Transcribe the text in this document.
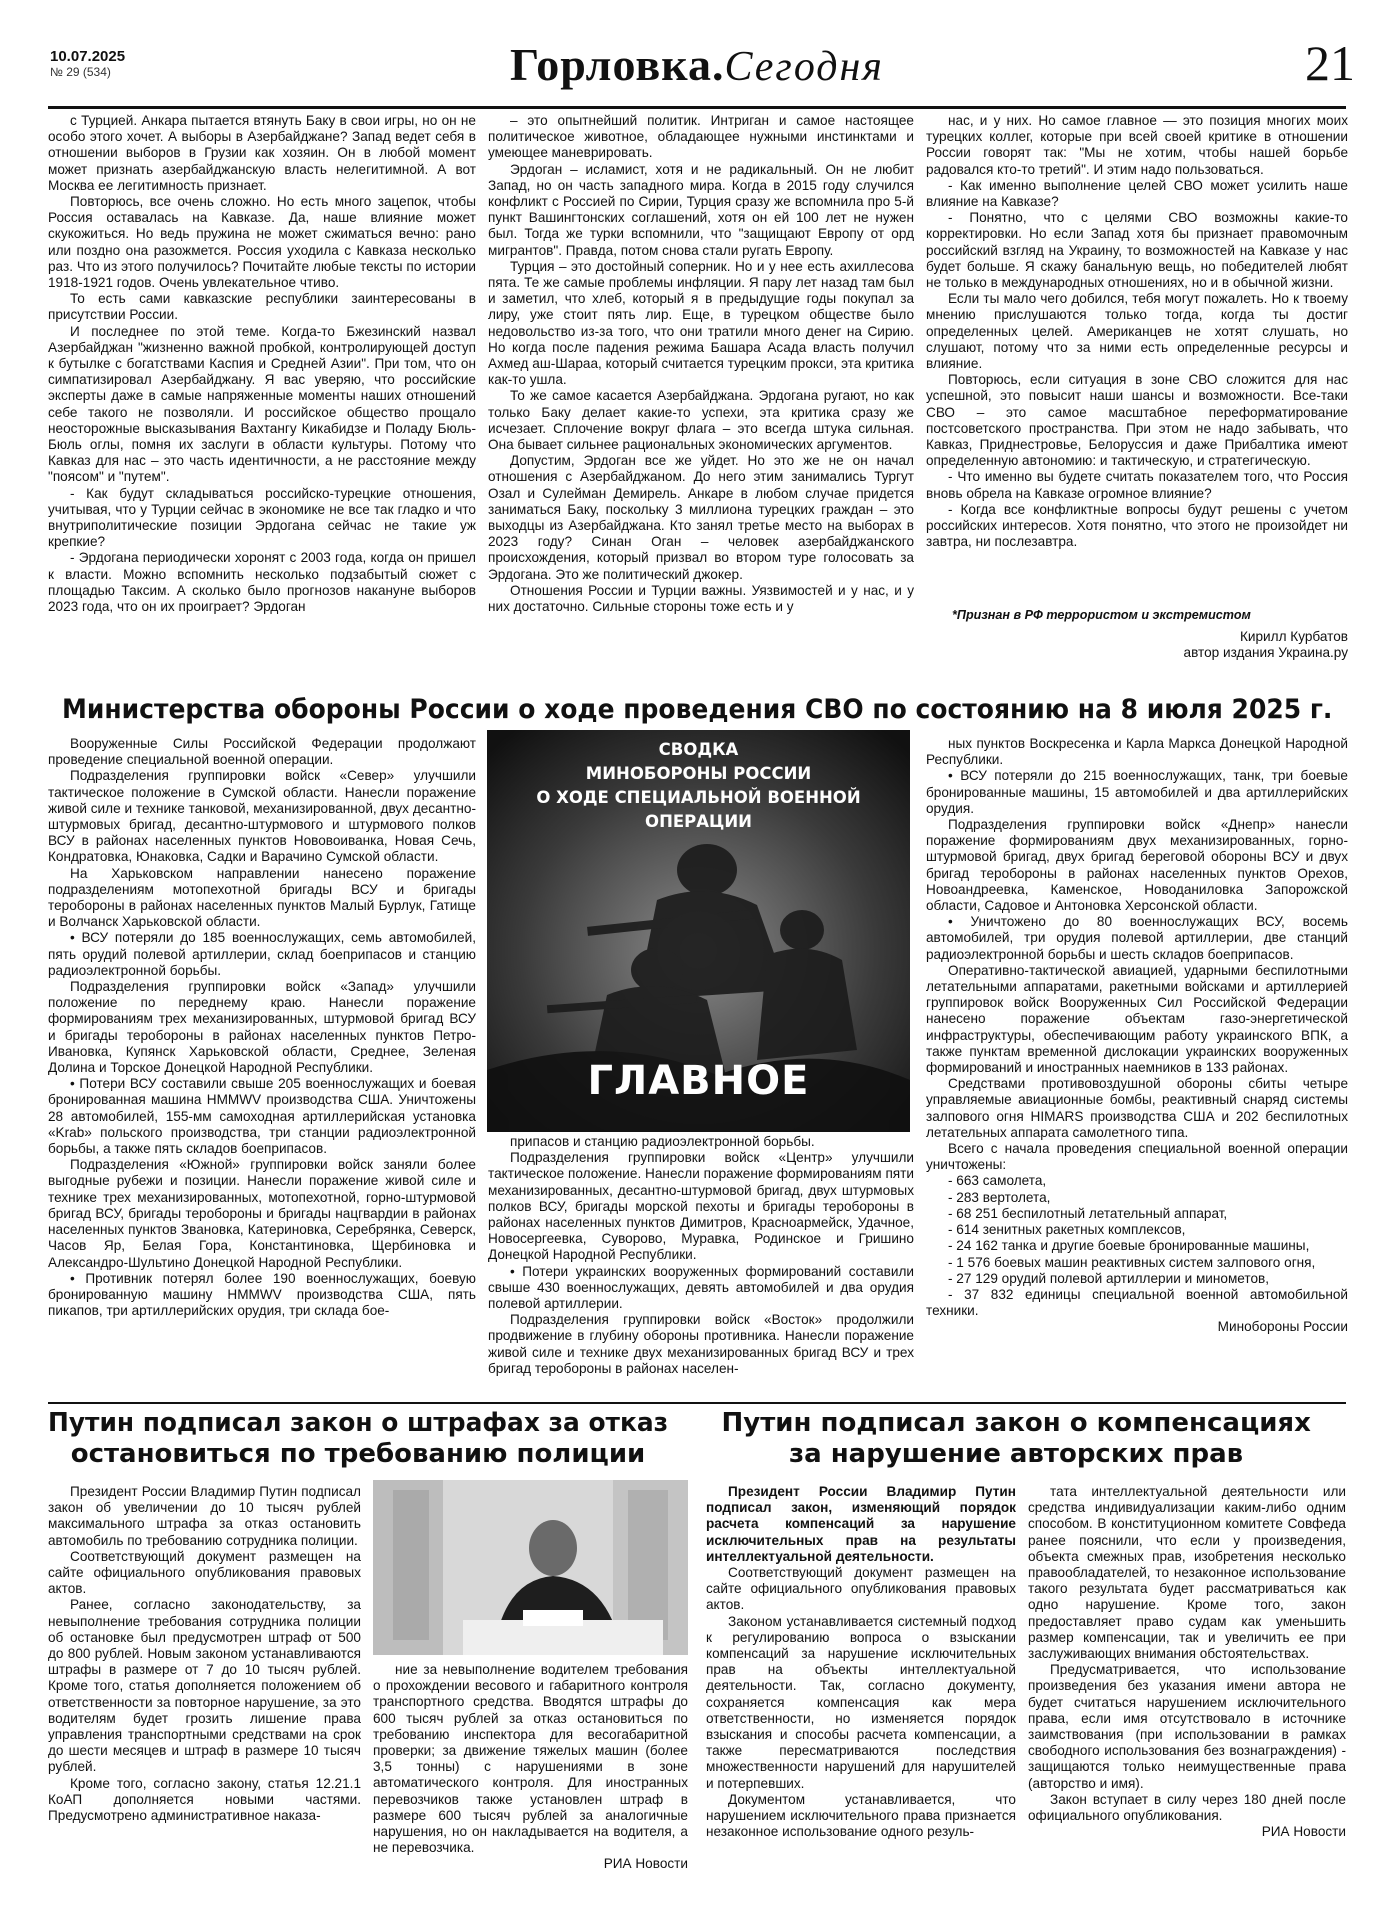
10.07.2025
№ 29 (534)	Горловка.Сегодня	21

с Турцией. Анкара пытается втянуть Баку в свои игры, но он не особо этого хочет. А выборы в Азербайджане? Запад ведет себя в отношении выборов в Грузии как хозяин. Он в любой момент может признать азербайджанскую власть нелегитимной. А вот Москва ее легитимность признает.

Повторюсь, все очень сложно. Но есть много зацепок, чтобы Россия оставалась на Кавказе. Да, наше влияние может скукожиться. Но ведь пружина не может сжиматься вечно: рано или поздно она разожмется. Россия уходила с Кавказа несколько раз. Что из этого получилось? Почитайте любые тексты по истории 1918-1921 годов. Очень увлекательное чтиво.

То есть сами кавказские республики заинтересованы в присутствии России.

И последнее по этой теме. Когда-то Бжезинский назвал Азербайджан "жизненно важной пробкой, контролирующей доступ к бутылке с богатствами Каспия и Средней Азии". При том, что он симпатизировал Азербайджану. Я вас уверяю, что российские эксперты даже в самые напряженные моменты наших отношений себе такого не позволяли. И российское общество прощало неосторожные высказывания Вахтангу Кикабидзе и Поладу Бюль-Бюль оглы, помня их заслуги в области культуры. Потому что Кавказ для нас – это часть идентичности, а не расстояние между "поясом" и "путем".

- Как будут складываться российско-турецкие отношения, учитывая, что у Турции сейчас в экономике не все так гладко и что внутриполитические позиции Эрдогана сейчас не такие уж крепкие?

- Эрдогана периодически хоронят с 2003 года, когда он пришел к власти. Можно вспомнить несколько подзабытый сюжет с площадью Таксим. А сколько было прогнозов накануне выборов 2023 года, что он их проиграет? Эрдоган

– это опытнейший политик. Интриган и самое настоящее политическое животное, обладающее нужными инстинктами и умеющее маневрировать.

Эрдоган – исламист, хотя и не радикальный. Он не любит Запад, но он часть западного мира. Когда в 2015 году случился конфликт с Россией по Сирии, Турция сразу же вспомнила про 5-й пункт Вашингтонских соглашений, хотя он ей 100 лет не нужен был. Тогда же турки вспомнили, что "защищают Европу от орд мигрантов". Правда, потом снова стали ругать Европу.

Турция – это достойный соперник. Но и у нее есть ахиллесова пята. Те же самые проблемы инфляции. Я пару лет назад там был и заметил, что хлеб, который я в предыдущие годы покупал за лиру, уже стоит пять лир. Еще, в турецком обществе было недовольство из-за того, что они тратили много денег на Сирию. Но когда после падения режима Башара Асада власть получил Ахмед аш-Шараа, который считается турецким прокси, эта критика как-то ушла.

То же самое касается Азербайджана. Эрдогана ругают, но как только Баку делает какие-то успехи, эта критика сразу же исчезает. Сплочение вокруг флага – это всегда штука сильная. Она бывает сильнее рациональных экономических аргументов.

Допустим, Эрдоган все же уйдет. Но это же не он начал отношения с Азербайджаном. До него этим занимались Тургут Озал и Сулейман Демирель. Анкаре в любом случае придется заниматься Баку, поскольку 3 миллиона турецких граждан – это выходцы из Азербайджана. Кто занял третье место на выборах в 2023 году? Синан Оган – человек азербайджанского происхождения, который призвал во втором туре голосовать за Эрдогана. Это же политический джокер.

Отношения России и Турции важны. Уязвимостей и у нас, и у них достаточно. Сильные стороны тоже есть и у

нас, и у них. Но самое главное — это позиция многих моих турецких коллег, которые при всей своей критике в отношении России говорят так: "Мы не хотим, чтобы нашей борьбе радовался кто-то третий". И этим надо пользоваться.

- Как именно выполнение целей СВО может усилить наше влияние на Кавказе?

- Понятно, что с целями СВО возможны какие-то корректировки. Но если Запад хотя бы признает правомочным российский взгляд на Украину, то возможностей на Кавказе у нас будет больше. Я скажу банальную вещь, но победителей любят не только в международных отношениях, но и в обычной жизни.

Если ты мало чего добился, тебя могут пожалеть. Но к твоему мнению прислушаются только тогда, когда ты достиг определенных целей. Американцев не хотят слушать, но слушают, потому что за ними есть определенные ресурсы и влияние.

Повторюсь, если ситуация в зоне СВО сложится для нас успешной, это повысит наши шансы и возможности. Все-таки СВО – это самое масштабное переформатирование постсоветского пространства. При этом не надо забывать, что Кавказ, Приднестровье, Белоруссия и даже Прибалтика имеют определенную автономию: и тактическую, и стратегическую.

- Что именно вы будете считать показателем того, что Россия вновь обрела на Кавказе огромное влияние?

- Когда все конфликтные вопросы будут решены с учетом российских интересов. Хотя понятно, что этого не произойдет ни завтра, ни послезавтра.

*Признан в РФ террористом и экстремистом

Кирилл Курбатов

автор издания Украина.ру

Министерства обороны России о ходе проведения СВО по состоянию на 8 июля 2025 г.

Вооруженные Силы Российской Федерации продолжают проведение специальной военной операции.

Подразделения группировки войск «Север» улучшили тактическое положение в Сумской области. Нанесли поражение живой силе и технике танковой, механизированной, двух десантно-штурмовых бригад, десантно-штурмового и штурмового полков ВСУ в районах населенных пунктов Нововоиванка, Новая Сечь, Кондратовка, Юнаковка, Садки и Варачино Сумской области.

На Харьковском направлении нанесено поражение подразделениям мотопехотной бригады ВСУ и бригады теробороны в районах населенных пунктов Малый Бурлук, Гатище и Волчанск Харьковской области.

• ВСУ потеряли до 185 военнослужащих, семь автомобилей, пять орудий полевой артиллерии, склад боеприпасов и станцию радиоэлектронной борьбы.

Подразделения группировки войск «Запад» улучшили положение по переднему краю. Нанесли поражение формированиям трех механизированных, штурмовой бригад ВСУ и бригады теробороны в районах населенных пунктов Петро-Ивановка, Купянск Харьковской области, Среднее, Зеленая Долина и Торское Донецкой Народной Республики.

• Потери ВСУ составили свыше 205 военнослужащих и боевая бронированная машина HMMWV производства США. Уничтожены 28 автомобилей, 155-мм самоходная артиллерийская установка «Krab» польского производства, три станции радиоэлектронной борьбы, а также пять складов боеприпасов.

Подразделения «Южной» группировки войск заняли более выгодные рубежи и позиции. Нанесли поражение живой силе и технике трех механизированных, мотопехотной, горно-штурмовой бригад ВСУ, бригады теробороны и бригады нацгвардии в районах населенных пунктов Звановка, Катериновка, Серебрянка, Северск, Часов Яр, Белая Гора, Константиновка, Щербиновка и Александро-Шультино Донецкой Народной Республики.

• Противник потерял более 190 военнослужащих, боевую бронированную машину HMMWV производства США, пять пикапов, три артиллерийских орудия, три склада бое-

СВОДКА
МИНОБОРОНЫ РОССИИ
О ХОДЕ СПЕЦИАЛЬНОЙ ВОЕННОЙ ОПЕРАЦИИ
ГЛАВНОЕ

припасов и станцию радиоэлектронной борьбы.

Подразделения группировки войск «Центр» улучшили тактическое положение. Нанесли поражение формированиям пяти механизированных, десантно-штурмовой бригад, двух штурмовых полков ВСУ, бригады морской пехоты и бригады теробороны в районах населенных пунктов Димитров, Красноармейск, Удачное, Новосергеевка, Суворово, Муравка, Родинское и Гришино Донецкой Народной Республики.

• Потери украинских вооруженных формирований составили свыше 430 военнослужащих, девять автомобилей и два орудия полевой артиллерии.

Подразделения группировки войск «Восток» продолжили продвижение в глубину обороны противника. Нанесли поражение живой силе и технике двух механизированных бригад ВСУ и трех бригад теробороны в районах населен-

ных пунктов Воскресенка и Карла Маркса Донецкой Народной Республики.

• ВСУ потеряли до 215 военнослужащих, танк, три боевые бронированные машины, 15 автомобилей и два артиллерийских орудия.

Подразделения группировки войск «Днепр» нанесли поражение формированиям двух механизированных, горно-штурмовой бригад, двух бригад береговой обороны ВСУ и двух бригад теробороны в районах населенных пунктов Орехов, Новоандреевка, Каменское, Новоданиловка Запорожской области, Садовое и Антоновка Херсонской области.

• Уничтожено до 80 военнослужащих ВСУ, восемь автомобилей, три орудия полевой артиллерии, две станций радиоэлектронной борьбы и шесть складов боеприпасов.

Оперативно-тактической авиацией, ударными беспилотными летательными аппаратами, ракетными войсками и артиллерией группировок войск Вооруженных Сил Российской Федерации нанесено поражение объектам газо-энергетической инфраструктуры, обеспечивающим работу украинского ВПК, а также пунктам временной дислокации украинских вооруженных формирований и иностранных наемников в 133 районах.

Средствами противовоздушной обороны сбиты четыре управляемые авиационные бомбы, реактивный снаряд системы залпового огня HIMARS производства США и 202 беспилотных летательных аппарата самолетного типа.

Всего с начала проведения специальной военной операции уничтожены:

- 663 самолета,

- 283 вертолета,

- 68 251 беспилотный летательный аппарат,

- 614 зенитных ракетных комплексов,

- 24 162 танка и другие боевые бронированные машины,

- 1 576 боевых машин реактивных систем залпового огня,

- 27 129 орудий полевой артиллерии и минометов,

- 37 832 единицы специальной военной автомобильной техники.

Минобороны России

Путин подписал закон о штрафах за отказ
остановиться по требованию полиции

Президент России Владимир Путин подписал закон об увеличении до 10 тысяч рублей максимального штрафа за отказ остановить автомобиль по требованию сотрудника полиции.

Соответствующий документ размещен на сайте официального опубликования правовых актов.

Ранее, согласно законодательству, за невыполнение требования сотрудника полиции об остановке был предусмотрен штраф от 500 до 800 рублей. Новым законом устанавливаются штрафы в размере от 7 до 10 тысяч рублей. Кроме того, статья дополняется положением об ответственности за повторное нарушение, за это водителям будет грозить лишение права управления транспортными средствами на срок до шести месяцев и штраф в размере 10 тысяч рублей.

Кроме того, согласно закону, статья 12.21.1 КоАП дополняется новыми частями. Предусмотрено административное наказа-

ние за невыполнение водителем требования о прохождении весового и габаритного контроля транспортного средства. Вводятся штрафы до 600 тысяч рублей за отказ остановиться по требованию инспектора для весогабаритной проверки; за движение тяжелых машин (более 3,5 тонны) с нарушениями в зоне автоматического контроля. Для иностранных перевозчиков также установлен штраф в размере 600 тысяч рублей за аналогичные нарушения, но он накладывается на водителя, а не перевозчика.

РИА Новости

Путин подписал закон о компенсациях
за нарушение авторских прав

Президент России Владимир Путин подписал закон, изменяющий порядок расчета компенсаций за нарушение исключительных прав на результаты интеллектуальной деятельности.

Соответствующий документ размещен на сайте официального опубликования правовых актов.

Законом устанавливается системный подход к регулированию вопроса о взыскании компенсаций за нарушение исключительных прав на объекты интеллектуальной деятельности. Так, согласно документу, сохраняется компенсация как мера ответственности, но изменяется порядок взыскания и способы расчета компенсации, а также пересматриваются последствия множественности нарушений для нарушителей и потерпевших.

Документом устанавливается, что нарушением исключительного права признается незаконное использование одного резуль-

тата интеллектуальной деятельности или средства индивидуализации каким-либо одним способом. В конституционном комитете Совфеда ранее пояснили, что если у произведения, объекта смежных прав, изобретения несколько правообладателей, то незаконное использование такого результата будет рассматриваться как одно нарушение. Кроме того, закон предоставляет право судам как уменьшить размер компенсации, так и увеличить ее при заслуживающих внимания обстоятельствах.

Предусматривается, что использование произведения без указания имени автора не будет считаться нарушением исключительного права, если имя отсутствовало в источнике заимствования (при использовании в рамках свободного использования без вознаграждения) - защищаются только неимущественные права (авторство и имя).

Закон вступает в силу через 180 дней после официального опубликования.

РИА Новости
